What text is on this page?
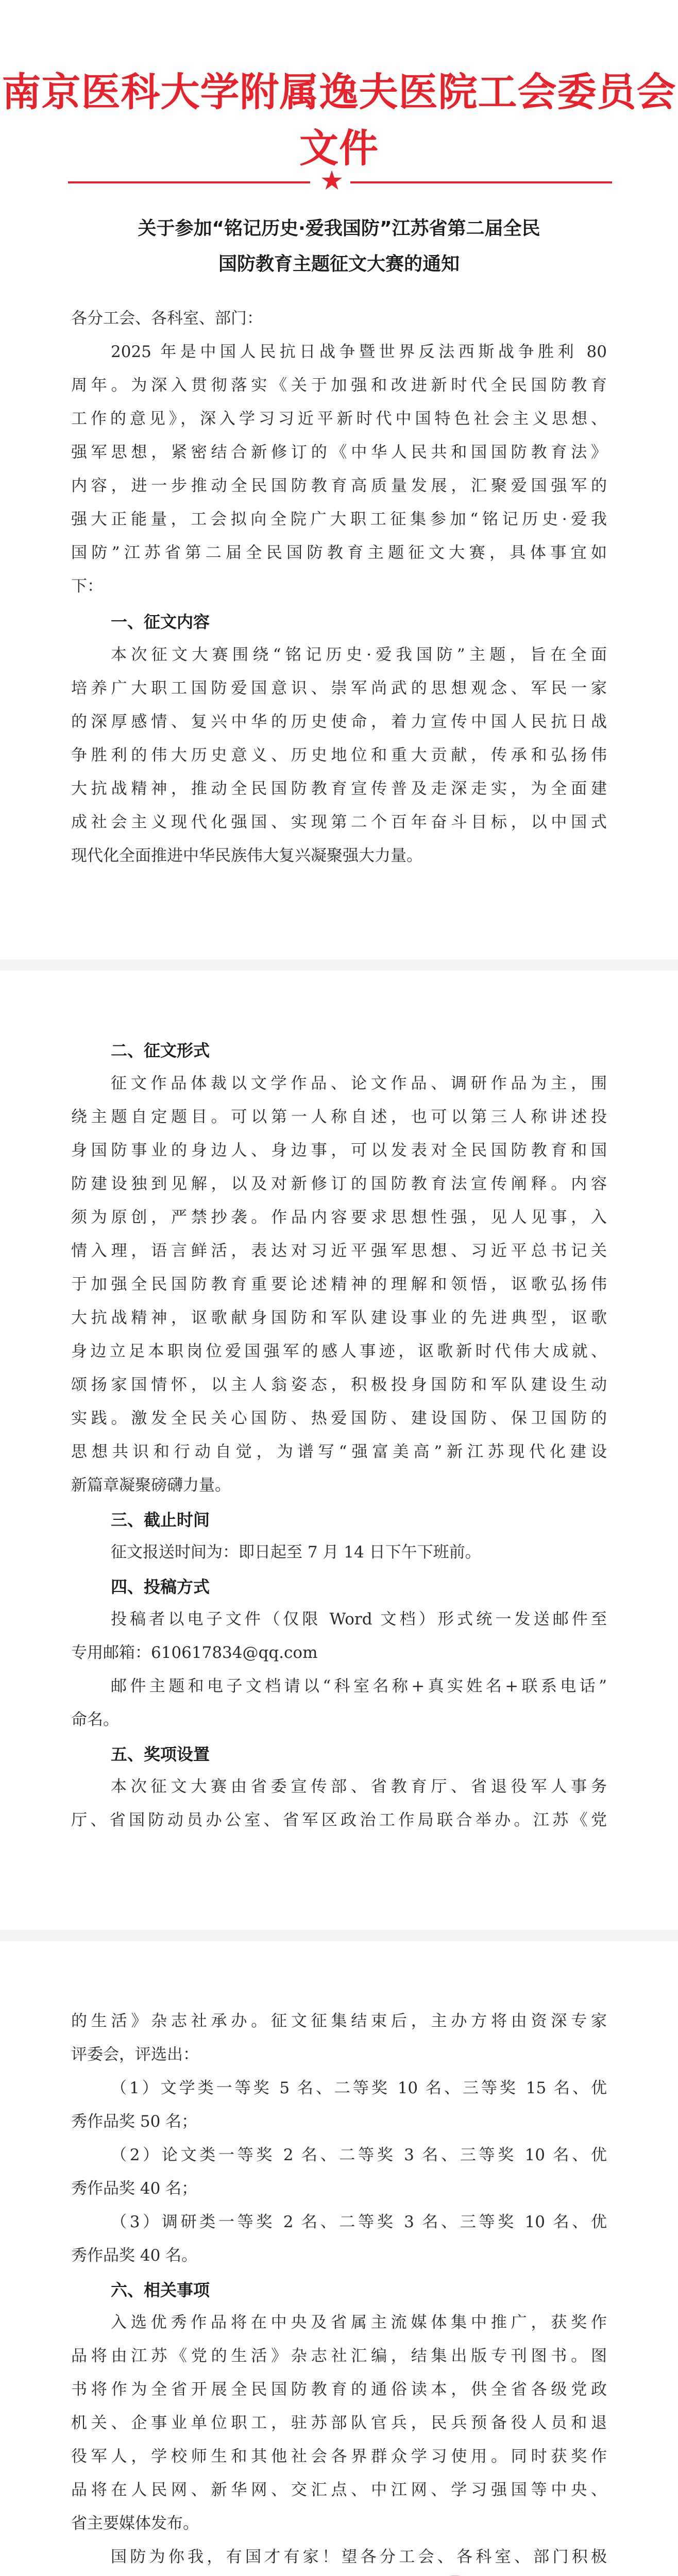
南京医科大学附属逸夫医院工会委员会文件
★
关于参加“铭记历史·爱我国防”江苏省第二届全民
国防教育主题征文大赛的通知
各分工会、各科室、部门：
2025 年是中国人民抗日战争暨世界反法西斯战争胜利 80
周年。为深入贯彻落实《关于加强和改进新时代全民国防教育
工作的意见》，深入学习习近平新时代中国特色社会主义思想、
强军思想，紧密结合新修订的《中华人民共和国国防教育法》
内容，进一步推动全民国防教育高质量发展，汇聚爱国强军的
强大正能量，工会拟向全院广大职工征集参加“铭记历史·爱我
国防”江苏省第二届全民国防教育主题征文大赛，具体事宜如
下：
一、征文内容
本次征文大赛围绕“铭记历史·爱我国防”主题，旨在全面
培养广大职工国防爱国意识、崇军尚武的思想观念、军民一家
的深厚感情、复兴中华的历史使命，着力宣传中国人民抗日战
争胜利的伟大历史意义、历史地位和重大贡献，传承和弘扬伟
大抗战精神，推动全民国防教育宣传普及走深走实，为全面建
成社会主义现代化强国、实现第二个百年奋斗目标，以中国式
现代化全面推进中华民族伟大复兴凝聚强大力量。
二、征文形式
征文作品体裁以文学作品、论文作品、调研作品为主，围
绕主题自定题目。可以第一人称自述，也可以第三人称讲述投
身国防事业的身边人、身边事，可以发表对全民国防教育和国
防建设独到见解，以及对新修订的国防教育法宣传阐释。内容
须为原创，严禁抄袭。作品内容要求思想性强，见人见事，入
情入理，语言鲜活，表达对习近平强军思想、习近平总书记关
于加强全民国防教育重要论述精神的理解和领悟，讴歌弘扬伟
大抗战精神，讴歌献身国防和军队建设事业的先进典型，讴歌
身边立足本职岗位爱国强军的感人事迹，讴歌新时代伟大成就、
颂扬家国情怀，以主人翁姿态，积极投身国防和军队建设生动
实践。激发全民关心国防、热爱国防、建设国防、保卫国防的
思想共识和行动自觉，为谱写“强富美高”新江苏现代化建设
新篇章凝聚磅礴力量。
三、截止时间
征文报送时间为：即日起至 7 月 14 日下午下班前。
四、投稿方式
投稿者以电子文件（仅限 Word 文档）形式统一发送邮件至
专用邮箱：610617834@qq.com
邮件主题和电子文档请以“科室名称+真实姓名+联系电话”
命名。
五、奖项设置
本次征文大赛由省委宣传部、省教育厅、省退役军人事务
厅、省国防动员办公室、省军区政治工作局联合举办。江苏《党
的生活》杂志社承办。征文征集结束后，主办方将由资深专家
评委会，评选出：
（1）文学类一等奖 5 名、二等奖 10 名、三等奖 15 名、优
秀作品奖 50 名；
（2）论文类一等奖 2 名、二等奖 3 名、三等奖 10 名、优
秀作品奖 40 名；
（3）调研类一等奖 2 名、二等奖 3 名、三等奖 10 名、优
秀作品奖 40 名。
六、相关事项
入选优秀作品将在中央及省属主流媒体集中推广，获奖作
品将由江苏《党的生活》杂志社汇编，结集出版专刊图书。图
书将作为全省开展全民国防教育的通俗读本，供全省各级党政
机关、企事业单位职工，驻苏部队官兵，民兵预备役人员和退
役军人，学校师生和其他社会各界群众学习使用。同时获奖作
品将在人民网、新华网、交汇点、中江网、学习强国等中央、
省主要媒体发布。
国防为你我，有国才有家！望各分工会、各科室、部门积极
